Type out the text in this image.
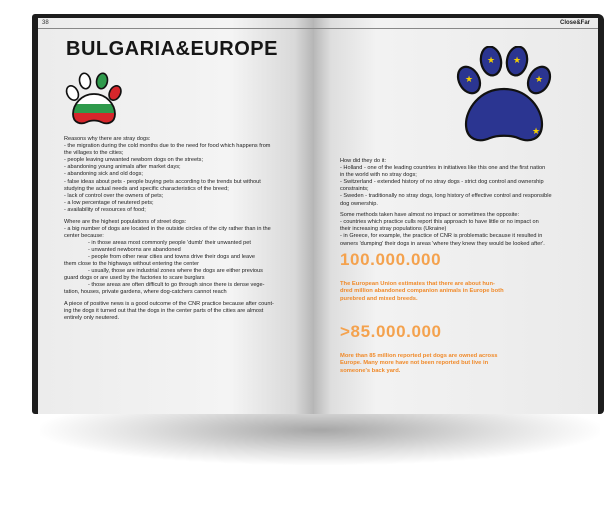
38
BULGARIA&EUROPE

Reasons why there are stray dogs:
- the migration during the cold months due to the need for food which happens from
the villages to the cities;
- people leaving unwanted newborn dogs on the streets;
- abandoning young animals after market days;
- abandoning sick and old dogs;
- false ideas about pets - people buying pets according to the trends but without
studying the actual needs and specific characteristics of the breed;
- lack of control over the owners of pets;
- a low percentage of neutered pets;
- availability of resources of food;

Where are the highest populations of street dogs:
- a big number of dogs are located in the outside circles of the city rather than in the
center because:
- in those areas most commonly people 'dumb' their unwanted pet
- unwanted newborns are abandoned
- people from other near cities and towns drive their dogs and leave
them close to the highways without entering the center
- usually, those are industrial zones where the dogs are either previous
guard dogs or are used by the factories to scare burglars
- those areas are often difficult to go through since there is dense vege-
tation, houses, private gardens, where dog-catchers cannot reach

A piece of positive news is a good outcome of the CNR practice because after count-
ing the dogs it turned out that the dogs in the center parts of the cities are almost
entirely only neutered.

Close&Far
★
★ ★
★
★

How did they do it:
- Holland - one of the leading countries in initiatives like this one and the first nation
in the world with no stray dogs;
- Switzerland - extended history of no stray dogs - strict dog control and ownership
constraints;
- Sweden - traditionally no stray dogs, long history of effective control and responsible
dog ownership.

Some methods taken have almost no impact or sometimes the opposite:
- countries which practice culls report this approach to have little or no impact on
their increasing stray populations (Ukraine)
- in Greece, for example, the practice of CNR is problematic because it resulted in
owners 'dumping' their dogs in areas 'where they knew they would be looked after'.

100.000.000
The European Union estimates that there are about hun-
dred million abandoned companion animals in Europe both
purebred and mixed breeds.
>85.000.000
More than 85 million reported pet dogs are owned across
Europe. Many more have not been reported but live in
someone's back yard.
